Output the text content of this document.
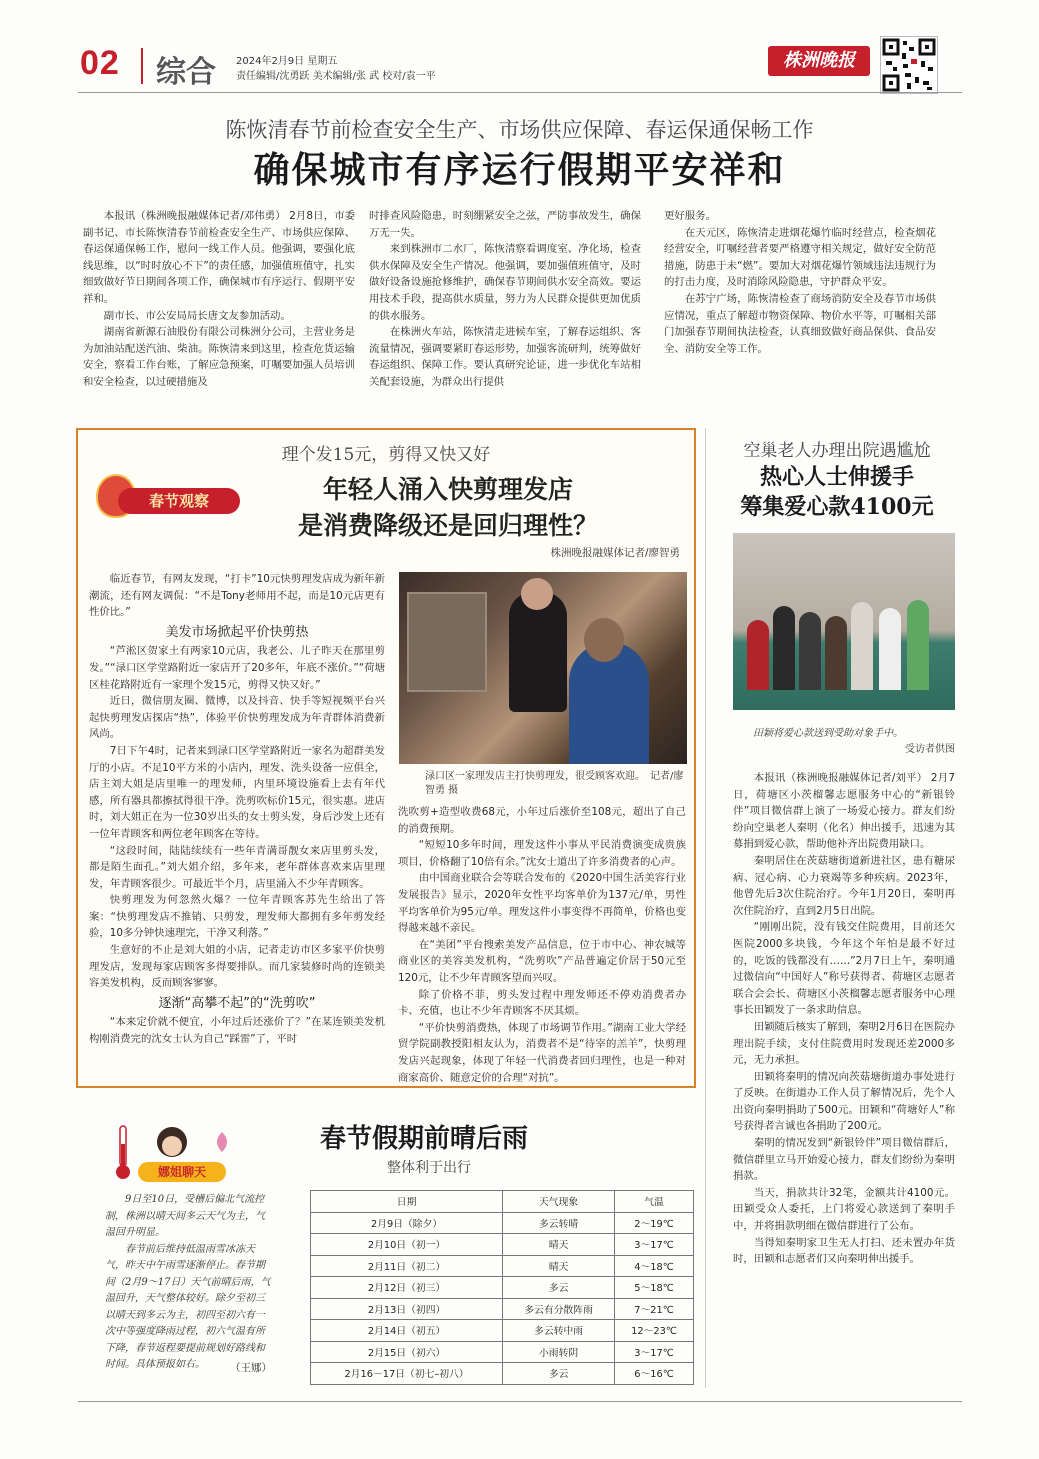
02 综合 2024年2月9日 星期五
责任编辑/沈勇跃 美术编辑/张 武 校对/袁一平
株洲晚报
陈恢清春节前检查安全生产、市场供应保障、春运保通保畅工作
确保城市有序运行假期平安祥和

本报讯（株洲晚报融媒体记者/邓伟勇） 2月8日，市委副书记、市长陈恢清春节前检查安全生产、市场供应保障、春运保通保畅工作，慰问一线工作人员。他强调，要强化底线思维，以“时时放心不下”的责任感，加强值班值守，扎实细致做好节日期间各项工作，确保城市有序运行、假期平安祥和。

副市长、市公安局局长唐文友参加活动。

湖南省新源石油股份有限公司株洲分公司，主营业务是为加油站配送汽油、柴油。陈恢清来到这里，检查危货运输安全，察看工作台账，了解应急预案，叮嘱要加强人员培训和安全检查，以过硬措施及

时排查风险隐患，时刻绷紧安全之弦，严防事故发生，确保万无一失。

来到株洲市二水厂，陈恢清察看调度室、净化场，检查供水保障及安全生产情况。他强调，要加强值班值守，及时做好设备设施抢修维护，确保春节期间供水安全高效。要运用技术手段，提高供水质量，努力为人民群众提供更加优质的供水服务。

在株洲火车站，陈恢清走进候车室，了解春运组织、客流量情况，强调要紧盯春运形势，加强客流研判，统筹做好春运组织、保障工作。要认真研究论证，进一步优化车站相关配套设施，为群众出行提供

更好服务。

在天元区，陈恢清走进烟花爆竹临时经营点，检查烟花经营安全，叮嘱经营者要严格遵守相关规定，做好安全防范措施，防患于未“燃”。要加大对烟花爆竹领域违法违规行为的打击力度，及时消除风险隐患，守护群众平安。

在苏宁广场，陈恢清检查了商场消防安全及春节市场供应情况，重点了解超市物资保障、物价水平等，叮嘱相关部门加强春节期间执法检查，认真细致做好商品保供、食品安全、消防安全等工作。

春节观察
理个发15元，剪得又快又好
年轻人涌入快剪理发店
是消费降级还是回归理性？
株洲晚报融媒体记者/廖智勇
渌口区一家理发店主打快剪理发，很受顾客欢迎。　记者/廖智勇 摄

临近春节，有网友发现，“打卡”10元快剪理发店成为新年新潮流，还有网友调侃：“不是Tony老师用不起，而是10元店更有性价比。”

美发市场掀起平价快剪热

“芦淞区贺家土有两家10元店，我老公、儿子昨天在那里剪发。”“渌口区学堂路附近一家店开了20多年，年底不涨价。”“荷塘区桂花路附近有一家理个发15元，剪得又快又好。”

近日，微信朋友圈、微博，以及抖音、快手等短视频平台兴起快剪理发店探店“热”，体验平价快剪理发成为年青群体消费新风尚。

7日下午4时，记者来到渌口区学堂路附近一家名为超群美发厅的小店。不足10平方米的小店内，理发、洗头设备一应俱全，店主刘大姐是店里唯一的理发师，内里环境设施看上去有年代感，所有器具都擦拭得很干净。洗剪吹标价15元，很实惠。进店时，刘大姐正在为一位30岁出头的女士剪头发，身后沙发上还有一位年青顾客和两位老年顾客在等待。

“这段时间，陆陆续续有一些年青满哥靓女来店里剪头发，都是陌生面孔。”刘大姐介绍，多年来，老年群体喜欢来店里理发，年青顾客很少。可最近半个月，店里涌入不少年青顾客。

快剪理发为何忽然火爆？一位年青顾客苏先生给出了答案：“快剪理发店不推销、只剪发，理发师大都拥有多年剪发经验，10多分钟快速理完，干净又利落。”

生意好的不止是刘大姐的小店，记者走访市区多家平价快剪理发店，发现每家店顾客多得要排队。而几家装修时尚的连锁美容美发机构，反而顾客寥寥。

逐渐“高攀不起”的“洗剪吹”

“本来定价就不便宜，小年过后还涨价了？”在某连锁美发机构刚消费完的沈女士认为自己“踩雷”了，平时

洗吹剪+造型收费68元，小年过后涨价至108元，超出了自己的消费预期。

“短短10多年时间，理发这件小事从平民消费演变成贵族项目，价格翻了10倍有余。”沈女士道出了许多消费者的心声。

由中国商业联合会等联合发布的《2020中国生活美容行业发展报告》显示，2020年女性平均客单价为137元/单，男性平均客单价为95元/单。理发这件小事变得不再简单，价格也变得越来越不亲民。

在“美团”平台搜索美发产品信息，位于市中心、神农城等商业区的美容美发机构，“洗剪吹”产品普遍定价居于50元至120元，让不少年青顾客望而兴叹。

除了价格不菲，剪头发过程中理发师还不停劝消费者办卡、充值，也让不少年青顾客不厌其烦。

“平价快剪消费热，体现了市场调节作用。”湖南工业大学经贸学院副教授阳相友认为，消费者不是“待宰的羔羊”，快剪理发店兴起现象，体现了年轻一代消费者回归理性，也是一种对商家高价、随意定价的合理“对抗”。

空巢老人办理出院遇尴尬
热心人士伸援手
筹集爱心款4100元
田颖将爱心款送到受助对象手中。
受访者供图

本报讯（株洲晚报融媒体记者/刘平） 2月7日，荷塘区小茨榴馨志愿服务中心的“新银铃伴”项目微信群上演了一场爱心接力。群友们纷纷向空巢老人秦明（化名）伸出援手，迅速为其募捐到爱心款，帮助他补齐出院费用缺口。

秦明居住在茨菇塘街道新进社区，患有糖尿病、冠心病、心力衰竭等多种疾病。2023年，他曾先后3次住院治疗。今年1月20日，秦明再次住院治疗，直到2月5日出院。

“刚刚出院，没有钱交住院费用，目前还欠医院2000多块钱，今年这个年怕是最不好过的，吃饭的钱都没有……”2月7日上午，秦明通过微信向“中国好人”称号获得者、荷塘区志愿者联合会会长、荷塘区小茨榴馨志愿者服务中心理事长田颖发了一条求助信息。

田颖随后核实了解到，秦明2月6日在医院办理出院手续，支付住院费用时发现还差2000多元，无力承担。

田颖将秦明的情况向茨菇塘街道办事处进行了反映。在街道办工作人员了解情况后，先个人出资向秦明捐助了500元。田颖和“荷塘好人”称号获得者言诚也各捐助了200元。

秦明的情况发到“新银铃伴”项目微信群后，微信群里立马开始爱心接力，群友们纷纷为秦明捐款。

当天，捐款共计32笔，金额共计4100元。田颖受众人委托，上门将爱心款送到了秦明手中，并将捐款明细在微信群进行了公布。

当得知秦明家卫生无人打扫、还未置办年货时，田颖和志愿者们又向秦明伸出援手。

娜姐聊天
春节假期前晴后雨
整体利于出行

9日至10日，受槽后偏北气流控制，株洲以晴天间多云天气为主，气温回升明显。

春节前后维持低温雨雪冰冻天气，昨天中午雨雪逐渐停止。春节期间（2月9～17日）天气前晴后雨，气温回升，天气整体较好。除夕至初三以晴天到多云为主，初四至初六有一次中等强度降雨过程，初六气温有所下降，春节返程要提前规划好路线和时间。具体预报如右。	（王娜）
日期	天气现象	气温
2月9日（除夕）	多云转晴	2～19℃
2月10日（初一）	晴天	3～17℃
2月11日（初二）	晴天	4～18℃
2月12日（初三）	多云	5～18℃
2月13日（初四）	多云有分散阵雨	7～21℃
2月14日（初五）	多云转中雨	12～23℃
2月15日（初六）	小雨转阴	3～17℃
2月16－17日（初七–初八）	多云	6～16℃
